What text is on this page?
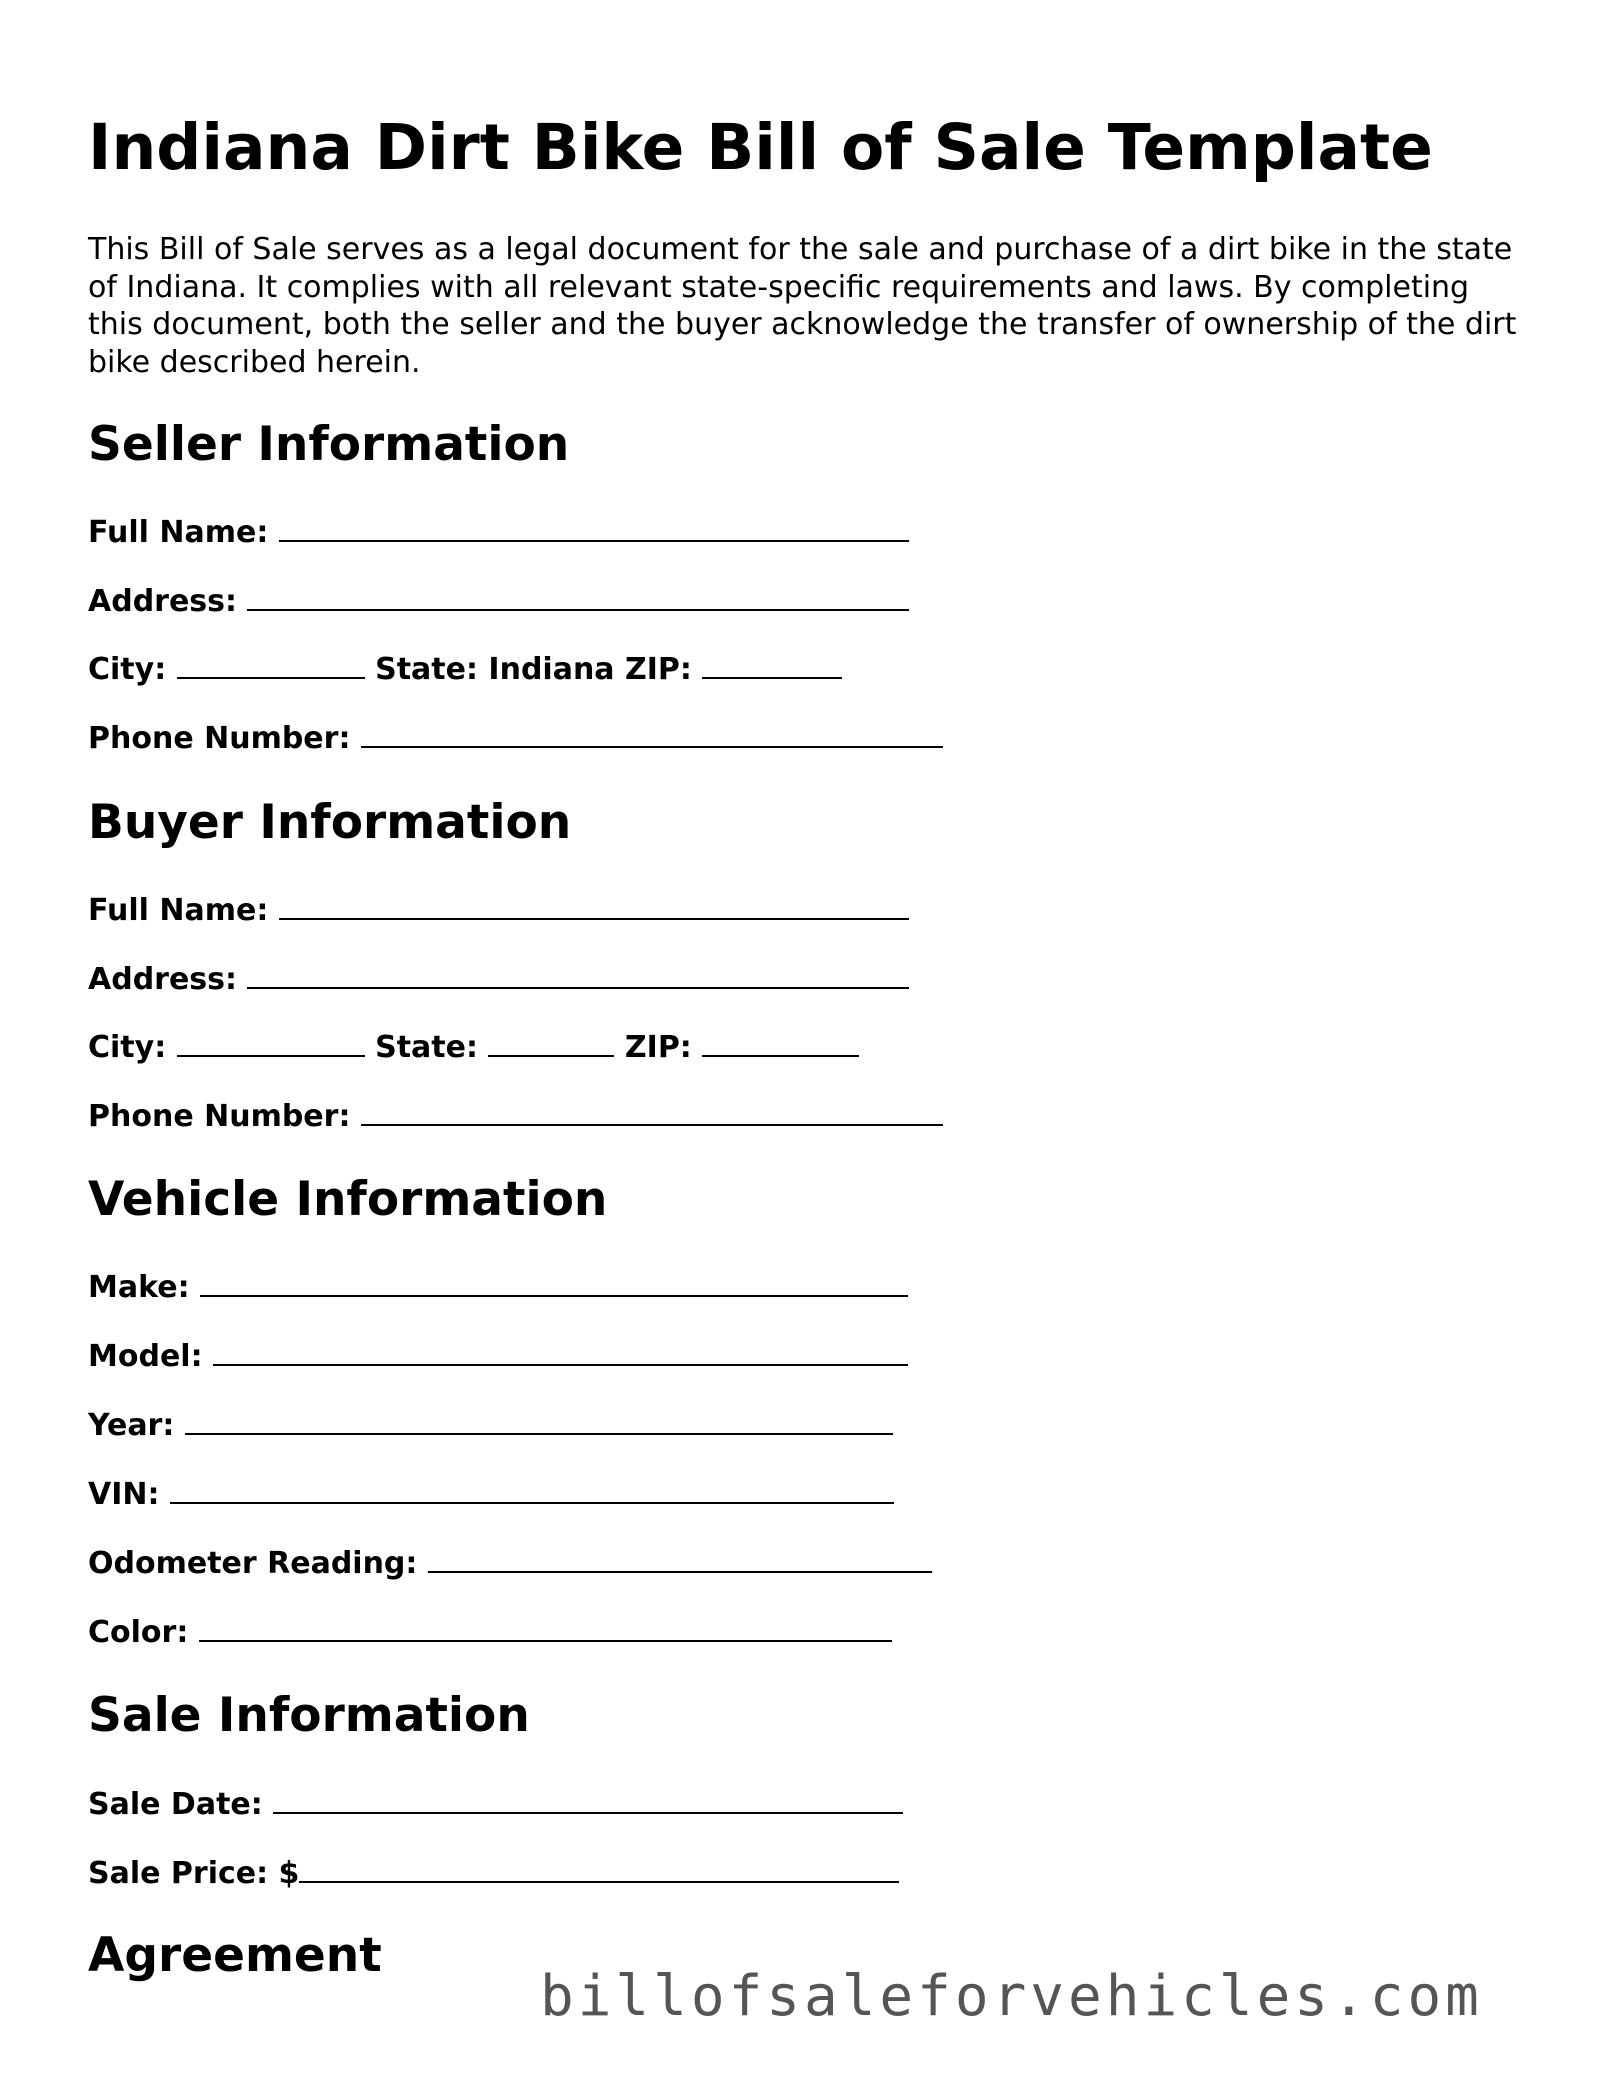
Indiana Dirt Bike Bill of Sale Template

This Bill of Sale serves as a legal document for the sale and purchase of a dirt bike in the state of Indiana. It complies with all relevant state-specific requirements and laws. By completing this document, both the seller and the buyer acknowledge the transfer of ownership of the dirt bike described herein.

Seller Information
Full Name:
Address:
City:	State: Indiana ZIP:
Phone Number:
Buyer Information
Full Name:
Address:
City:	State:	ZIP:
Phone Number:
Vehicle Information
Make:
Model:
Year:
VIN:
Odometer Reading:
Color:
Sale Information
Sale Date:
Sale Price: $
Agreement
billofsaleforvehicles.com
